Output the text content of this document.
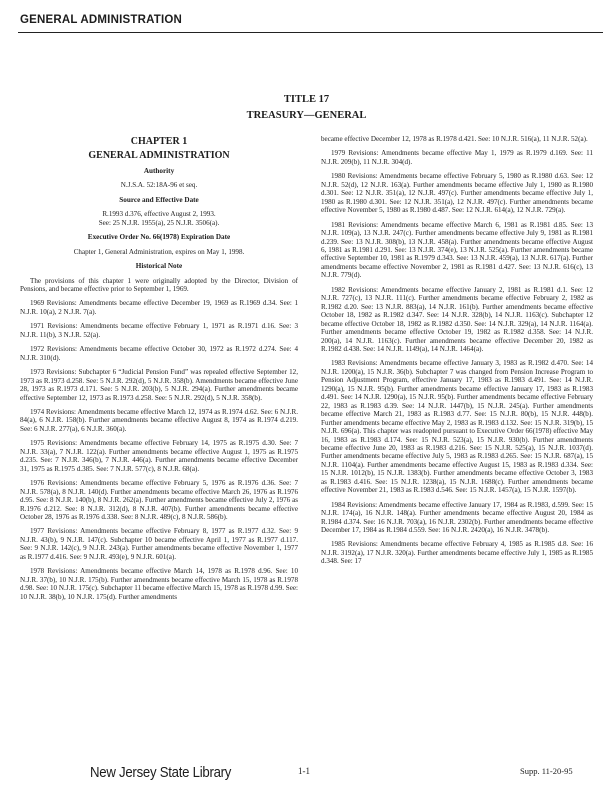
GENERAL ADMINISTRATION
TITLE 17
TREASURY—GENERAL

CHAPTER 1

GENERAL ADMINISTRATION

Authority

N.J.S.A. 52:18A-96 et seq.

Source and Effective Date

R.1993 d.376, effective August 2, 1993.

See: 25 N.J.R. 1955(a), 25 N.J.R. 3506(a).

Executive Order No. 66(1978) Expiration Date

Chapter 1, General Administration, expires on May 1, 1998.

Historical Note

The provisions of this chapter 1 were originally adopted by the Director, Division of Pensions, and became effective prior to September 1, 1969.

1969 Revisions: Amendments became effective December 19, 1969 as R.1969 d.34. See: 1 N.J.R. 10(a), 2 N.J.R. 7(a).

1971 Revisions: Amendments became effective February 1, 1971 as R.1971 d.16. See: 3 N.J.R. 11(b), 3 N.J.R. 52(a).

1972 Revisions: Amendments became effective October 30, 1972 as R.1972 d.274. See: 4 N.J.R. 310(d).

1973 Revisions: Subchapter 6 “Judicial Pension Fund” was repealed effective September 12, 1973 as R.1973 d.258. See: 5 N.J.R. 292(d), 5 N.J.R. 358(b). Amendments became effective June 28, 1973 as R.1973 d.171. See: 5 N.J.R. 203(b), 5 N.J.R. 294(a). Further amendments became effective September 12, 1973 as R.1973 d.258. See: 5 N.J.R. 292(d), 5 N.J.R. 358(b).

1974 Revisions: Amendments became effective March 12, 1974 as R.1974 d.62. See: 6 N.J.R. 84(a), 6 N.J.R. 158(b). Further amendments became effective August 8, 1974 as R.1974 d.219. See: 6 N.J.R. 277(a), 6 N.J.R. 360(a).

1975 Revisions: Amendments became effective February 14, 1975 as R.1975 d.30. See: 7 N.J.R. 33(a), 7 N.J.R. 122(a). Further amendments became effective August 1, 1975 as R.1975 d.235. See: 7 N.J.R. 346(b), 7 N.J.R. 446(a). Further amendments became effective December 31, 1975 as R.1975 d.385. See: 7 N.J.R. 577(c), 8 N.J.R. 68(a).

1976 Revisions: Amendments became effective February 5, 1976 as R.1976 d.36. See: 7 N.J.R. 578(a), 8 N.J.R. 140(d). Further amendments became effective March 26, 1976 as R.1976 d.95. See: 8 N.J.R. 140(b), 8 N.J.R. 262(a). Further amendments became effective July 2, 1976 as R.1976 d.212. See: 8 N.J.R. 312(d), 8 N.J.R. 407(b). Further amendments became effective October 28, 1976 as R.1976 d.338. See: 8 N.J.R. 489(c), 8 N.J.R. 586(b).

1977 Revisions: Amendments became effective February 8, 1977 as R.1977 d.32. See: 9 N.J.R. 43(b), 9 N.J.R. 147(c). Subchapter 10 became effective April 1, 1977 as R.1977 d.117. See: 9 N.J.R. 142(c), 9 N.J.R. 243(a). Further amendments became effective November 1, 1977 as R.1977 d.416. See: 9 N.J.R. 493(e), 9 N.J.R. 601(a).

1978 Revisions: Amendments became effective March 14, 1978 as R.1978 d.96. See: 10 N.J.R. 37(b), 10 N.J.R. 175(b). Further amendments became effective March 15, 1978 as R.1978 d.98. See: 10 N.J.R. 175(c). Subchapter 11 became effective March 15, 1978 as R.1978 d.99. See: 10 N.J.R. 38(b), 10 N.J.R. 175(d). Further amendments

became effective December 12, 1978 as R.1978 d.421. See: 10 N.J.R. 516(a), 11 N.J.R. 52(a).

1979 Revisions: Amendments became effective May 1, 1979 as R.1979 d.169. See: 11 N.J.R. 209(b), 11 N.J.R. 304(d).

1980 Revisions: Amendments became effective February 5, 1980 as R.1980 d.63. See: 12 N.J.R. 52(d), 12 N.J.R. 163(a). Further amendments became effective July 1, 1980 as R.1980 d.301. See: 12 N.J.R. 351(a), 12 N.J.R. 497(c). Further amendments became effective July 1, 1980 as R.1980 d.301. See: 12 N.J.R. 351(a), 12 N.J.R. 497(c). Further amendments became effective November 5, 1980 as R.1980 d.487. See: 12 N.J.R. 614(a), 12 N.J.R. 729(a).

1981 Revisions: Amendments became effective March 6, 1981 as R.1981 d.85. See: 13 N.J.R. 109(a), 13 N.J.R. 247(c). Further amendments became effective July 9, 1981 as R.1981 d.239. See: 13 N.J.R. 308(b), 13 N.J.R. 458(a). Further amendments became effective August 6, 1981 as R.1981 d.291. See: 13 N.J.R. 374(e), 13 N.J.R. 525(a). Further amendments became effective September 10, 1981 as R.1979 d.343. See: 13 N.J.R. 459(a), 13 N.J.R. 617(a). Further amendments became effective November 2, 1981 as R.1981 d.427. See: 13 N.J.R. 616(c), 13 N.J.R. 779(d).

1982 Revisions: Amendments became effective January 2, 1981 as R.1981 d.1. See: 12 N.J.R. 727(c), 13 N.J.R. 111(c). Further amendments became effective February 2, 1982 as R.1982 d.20. See: 13 N.J.R. 883(a), 14 N.J.R. 161(b). Further amendments became effective October 18, 1982 as R.1982 d.347. See: 14 N.J.R. 328(b), 14 N.J.R. 1163(c). Subchapter 12 became effective October 18, 1982 as R.1982 d.350. See: 14 N.J.R. 329(a), 14 N.J.R. 1164(a). Further amendments became effective October 19, 1982 as R.1982 d.358. See: 14 N.J.R. 200(a), 14 N.J.R. 1163(c). Further amendments became effective December 20, 1982 as R.1982 d.438. See: 14 N.J.R. 1149(a), 14 N.J.R. 1464(a).

1983 Revisions: Amendments became effective January 3, 1983 as R.1982 d.470. See: 14 N.J.R. 1200(a), 15 N.J.R. 36(b). Subchapter 7 was changed from Pension Increase Program to Pension Adjustment Program, effective January 17, 1983 as R.1983 d.491. See: 14 N.J.R. 1290(a), 15 N.J.R. 95(b). Further amendments became effective January 17, 1983 as R.1983 d.491. See: 14 N.J.R. 1290(a), 15 N.J.R. 95(b). Further amendments became effective February 22, 1983 as R.1983 d.39. See: 14 N.J.R. 1447(b), 15 N.J.R. 245(a). Further amendments became effective March 21, 1983 as R.1983 d.77. See: 15 N.J.R. 80(b), 15 N.J.R. 448(b). Further amendments became effective May 2, 1983 as R.1983 d.132. See: 15 N.J.R. 319(b), 15 N.J.R. 696(a). This chapter was readopted pursuant to Executive Order 66(1978) effective May 16, 1983 as R.1983 d.174. See: 15 N.J.R. 523(a), 15 N.J.R. 930(b). Further amendments became effective June 20, 1983 as R.1983 d.216. See: 15 N.J.R. 525(a), 15 N.J.R. 1037(d). Further amendments became effective July 5, 1983 as R.1983 d.265. See: 15 N.J.R. 687(a), 15 N.J.R. 1104(a). Further amendments became effective August 15, 1983 as R.1983 d.334. See: 15 N.J.R. 1012(b), 15 N.J.R. 1383(b). Further amendments became effective October 3, 1983 as R.1983 d.416. See: 15 N.J.R. 1238(a), 15 N.J.R. 1688(c). Further amendments became effective November 21, 1983 as R.1983 d.546. See: 15 N.J.R. 1457(a), 15 N.J.R. 1597(b).

1984 Revisions: Amendments became effective January 17, 1984 as R.1983, d.599. See: 15 N.J.R. 174(a), 16 N.J.R. 148(a). Further amendments became effective August 20, 1984 as R.1984 d.374. See: 16 N.J.R. 703(a), 16 N.J.R. 2302(b). Further amendments became effective December 17, 1984 as R.1984 d.559. See: 16 N.J.R. 2420(a), 16 N.J.R. 3478(b).

1985 Revisions: Amendments became effective February 4, 1985 as R.1985 d.8. See: 16 N.J.R. 3192(a), 17 N.J.R. 320(a). Further amendments became effective July 1, 1985 as R.1985 d.348. See: 17

New Jersey State Library	1-1	Supp. 11-20-95
